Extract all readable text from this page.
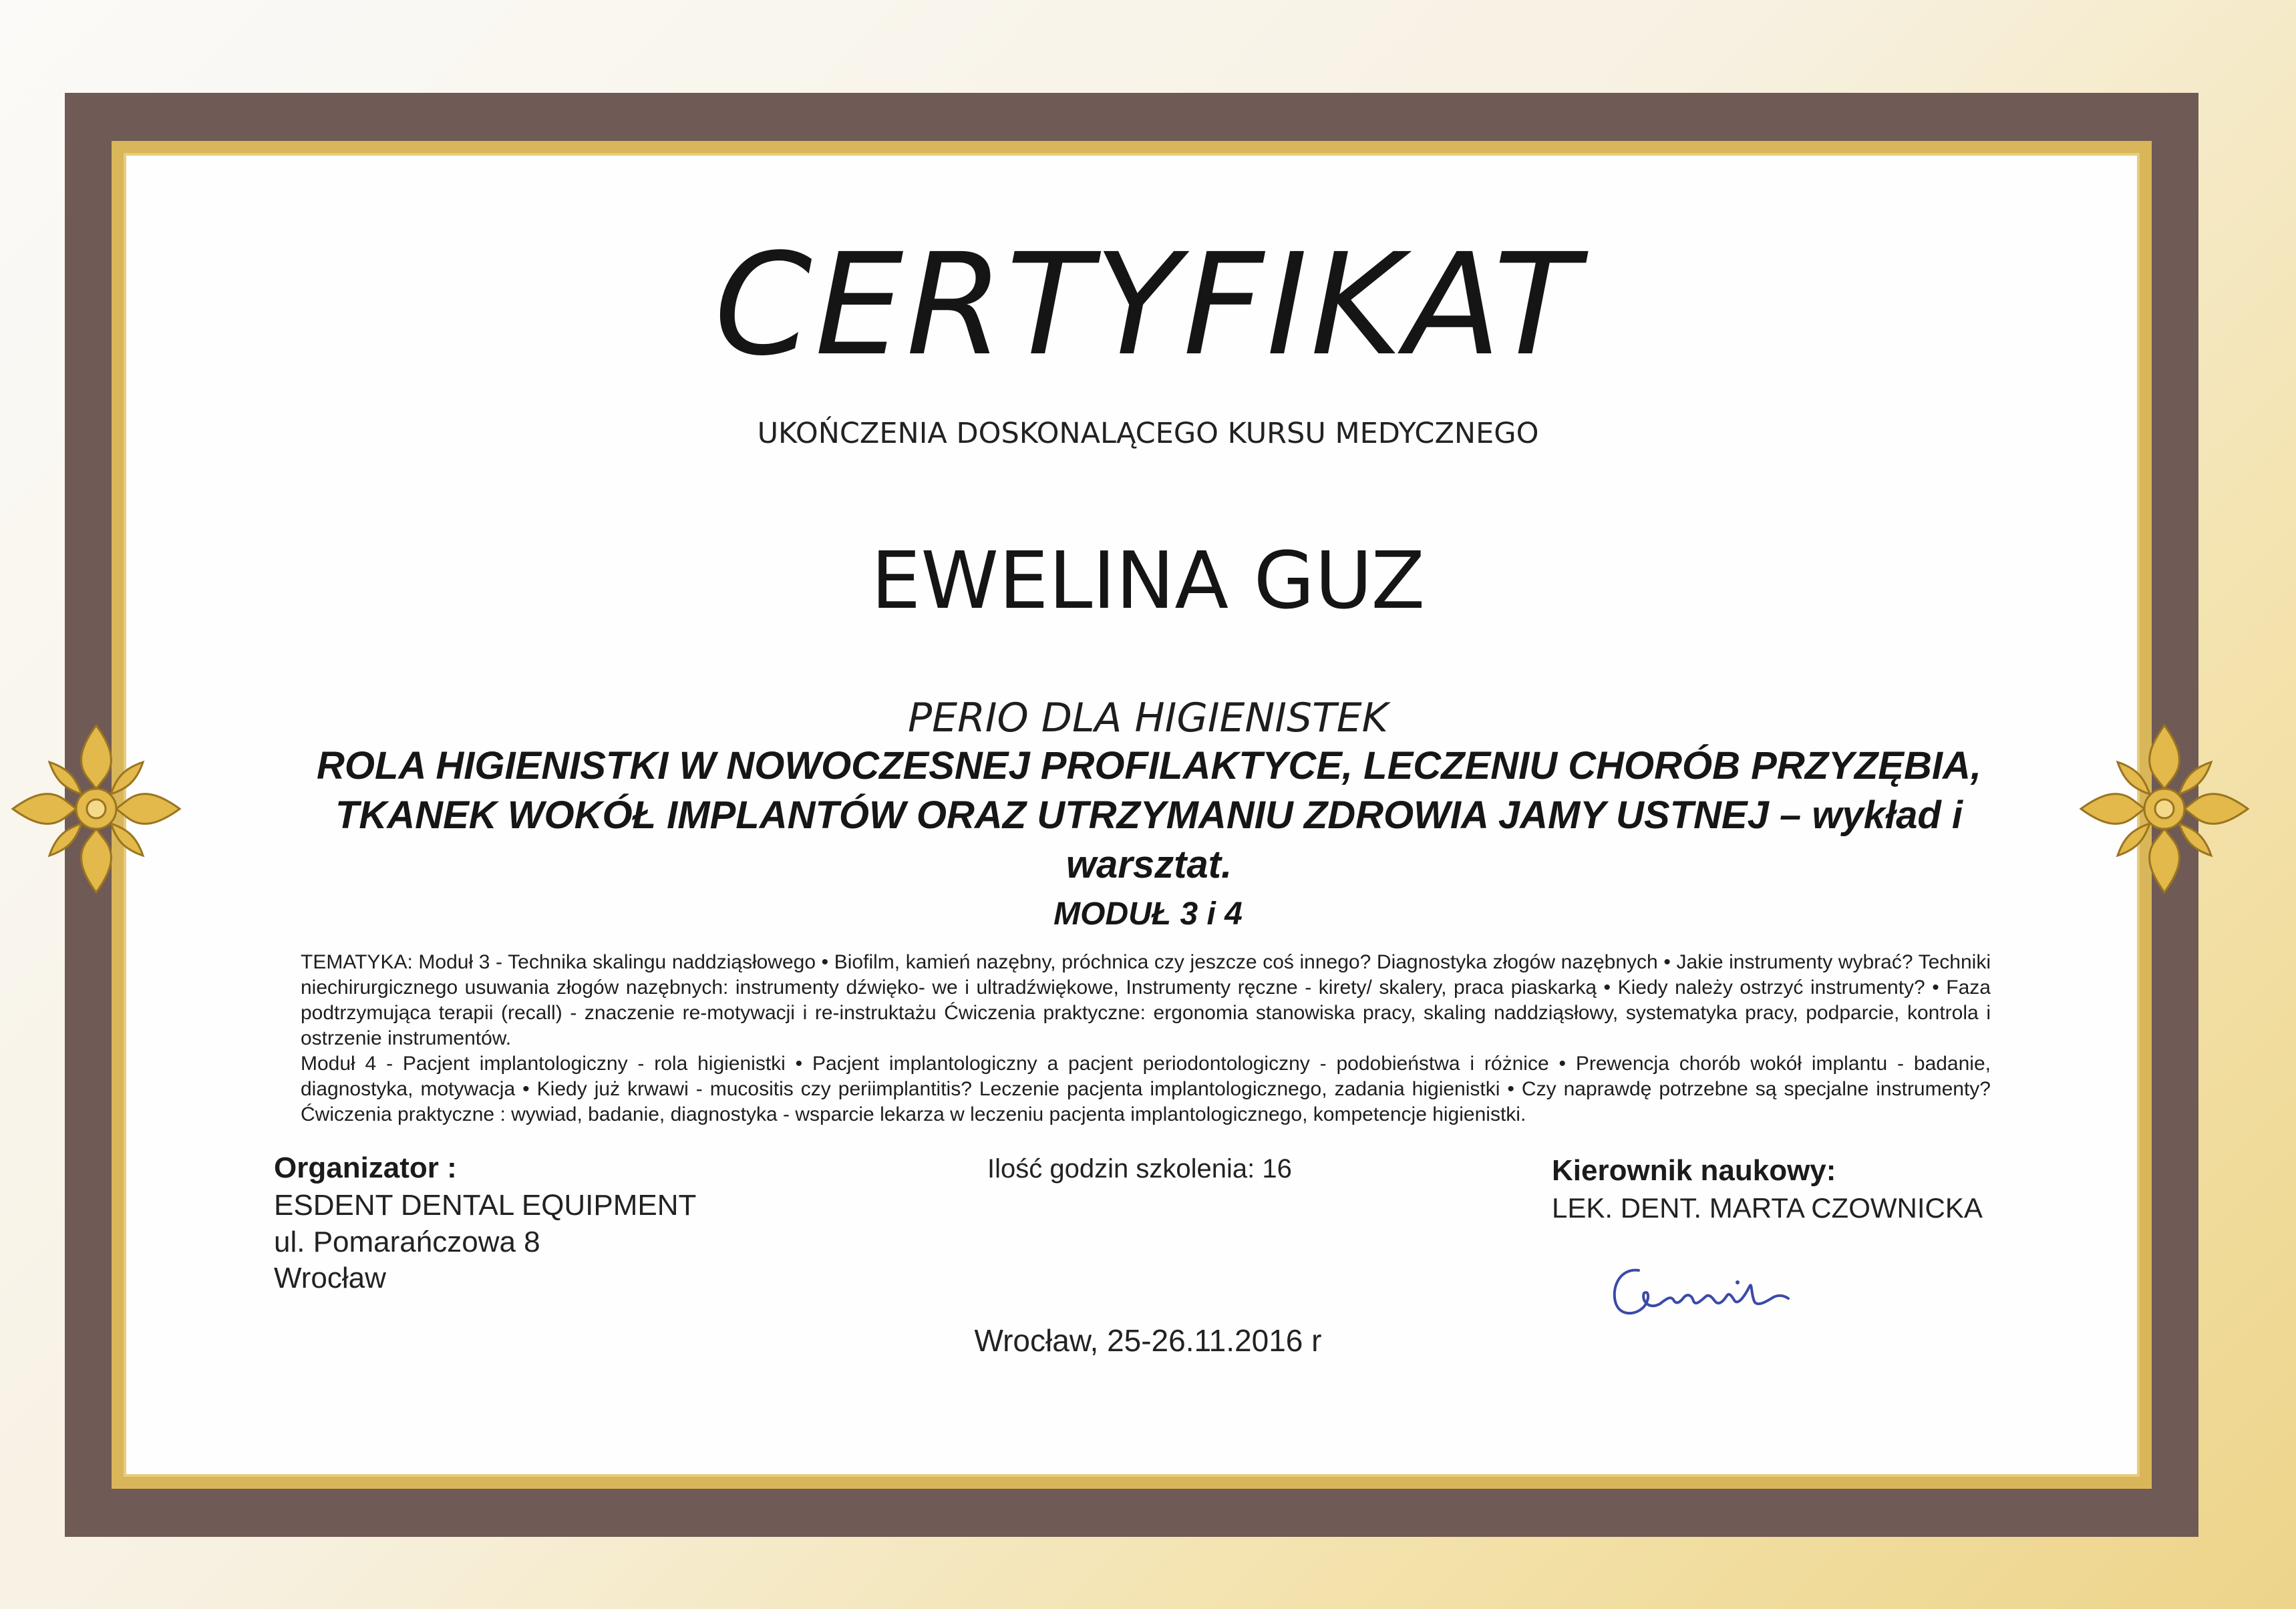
CERTYFIKAT
UKOŃCZENIA DOSKONALĄCEGO KURSU MEDYCZNEGO
EWELINA GUZ
PERIO DLA HIGIENISTEK
ROLA HIGIENISTKI W NOWOCZESNEJ PROFILAKTYCE, LECZENIU CHORÓB PRZYZĘBIA, TKANEK WOKÓŁ IMPLANTÓW ORAZ UTRZYMANIU ZDROWIA JAMY USTNEJ – wykład i warsztat.
MODUŁ 3 i 4

TEMATYKA: Moduł 3 - Technika skalingu naddziąsłowego • Biofilm, kamień nazębny, próchnica czy jeszcze coś innego? Diagnostyka złogów nazębnych • Jakie instrumenty wybrać? Techniki niechirurgicznego usuwania złogów nazębnych: instrumenty dźwięko- we i ultradźwiękowe, Instrumenty ręczne - kirety/ skalery, praca piaskarką • Kiedy należy ostrzyć instrumenty? • Faza podtrzymująca terapii (recall) - znaczenie re-motywacji i re-instruktażu Ćwiczenia praktyczne: ergonomia stanowiska pracy, skaling naddziąsłowy, systematyka pracy, podparcie, kontrola i ostrzenie instrumentów.

Moduł 4 - Pacjent implantologiczny - rola higienistki • Pacjent implantologiczny a pacjent periodontologiczny - podobieństwa i różnice • Prewencja chorób wokół implantu - badanie, diagnostyka, motywacja • Kiedy już krwawi - mucositis czy periimplantitis? Leczenie pacjenta implantologicznego, zadania higienistki • Czy naprawdę potrzebne są specjalne instrumenty? Ćwiczenia praktyczne : wywiad, badanie, diagnostyka - wsparcie lekarza w leczeniu pacjenta implantologicznego, kompetencje higienistki.

Organizator :
ESDENT DENTAL EQUIPMENT
ul. Pomarańczowa 8
Wrocław
Ilość godzin szkolenia: 16	Kierownik naukowy:
LEK. DENT. MARTA CZOWNICKA
Wrocław, 25-26.11.2016 r
